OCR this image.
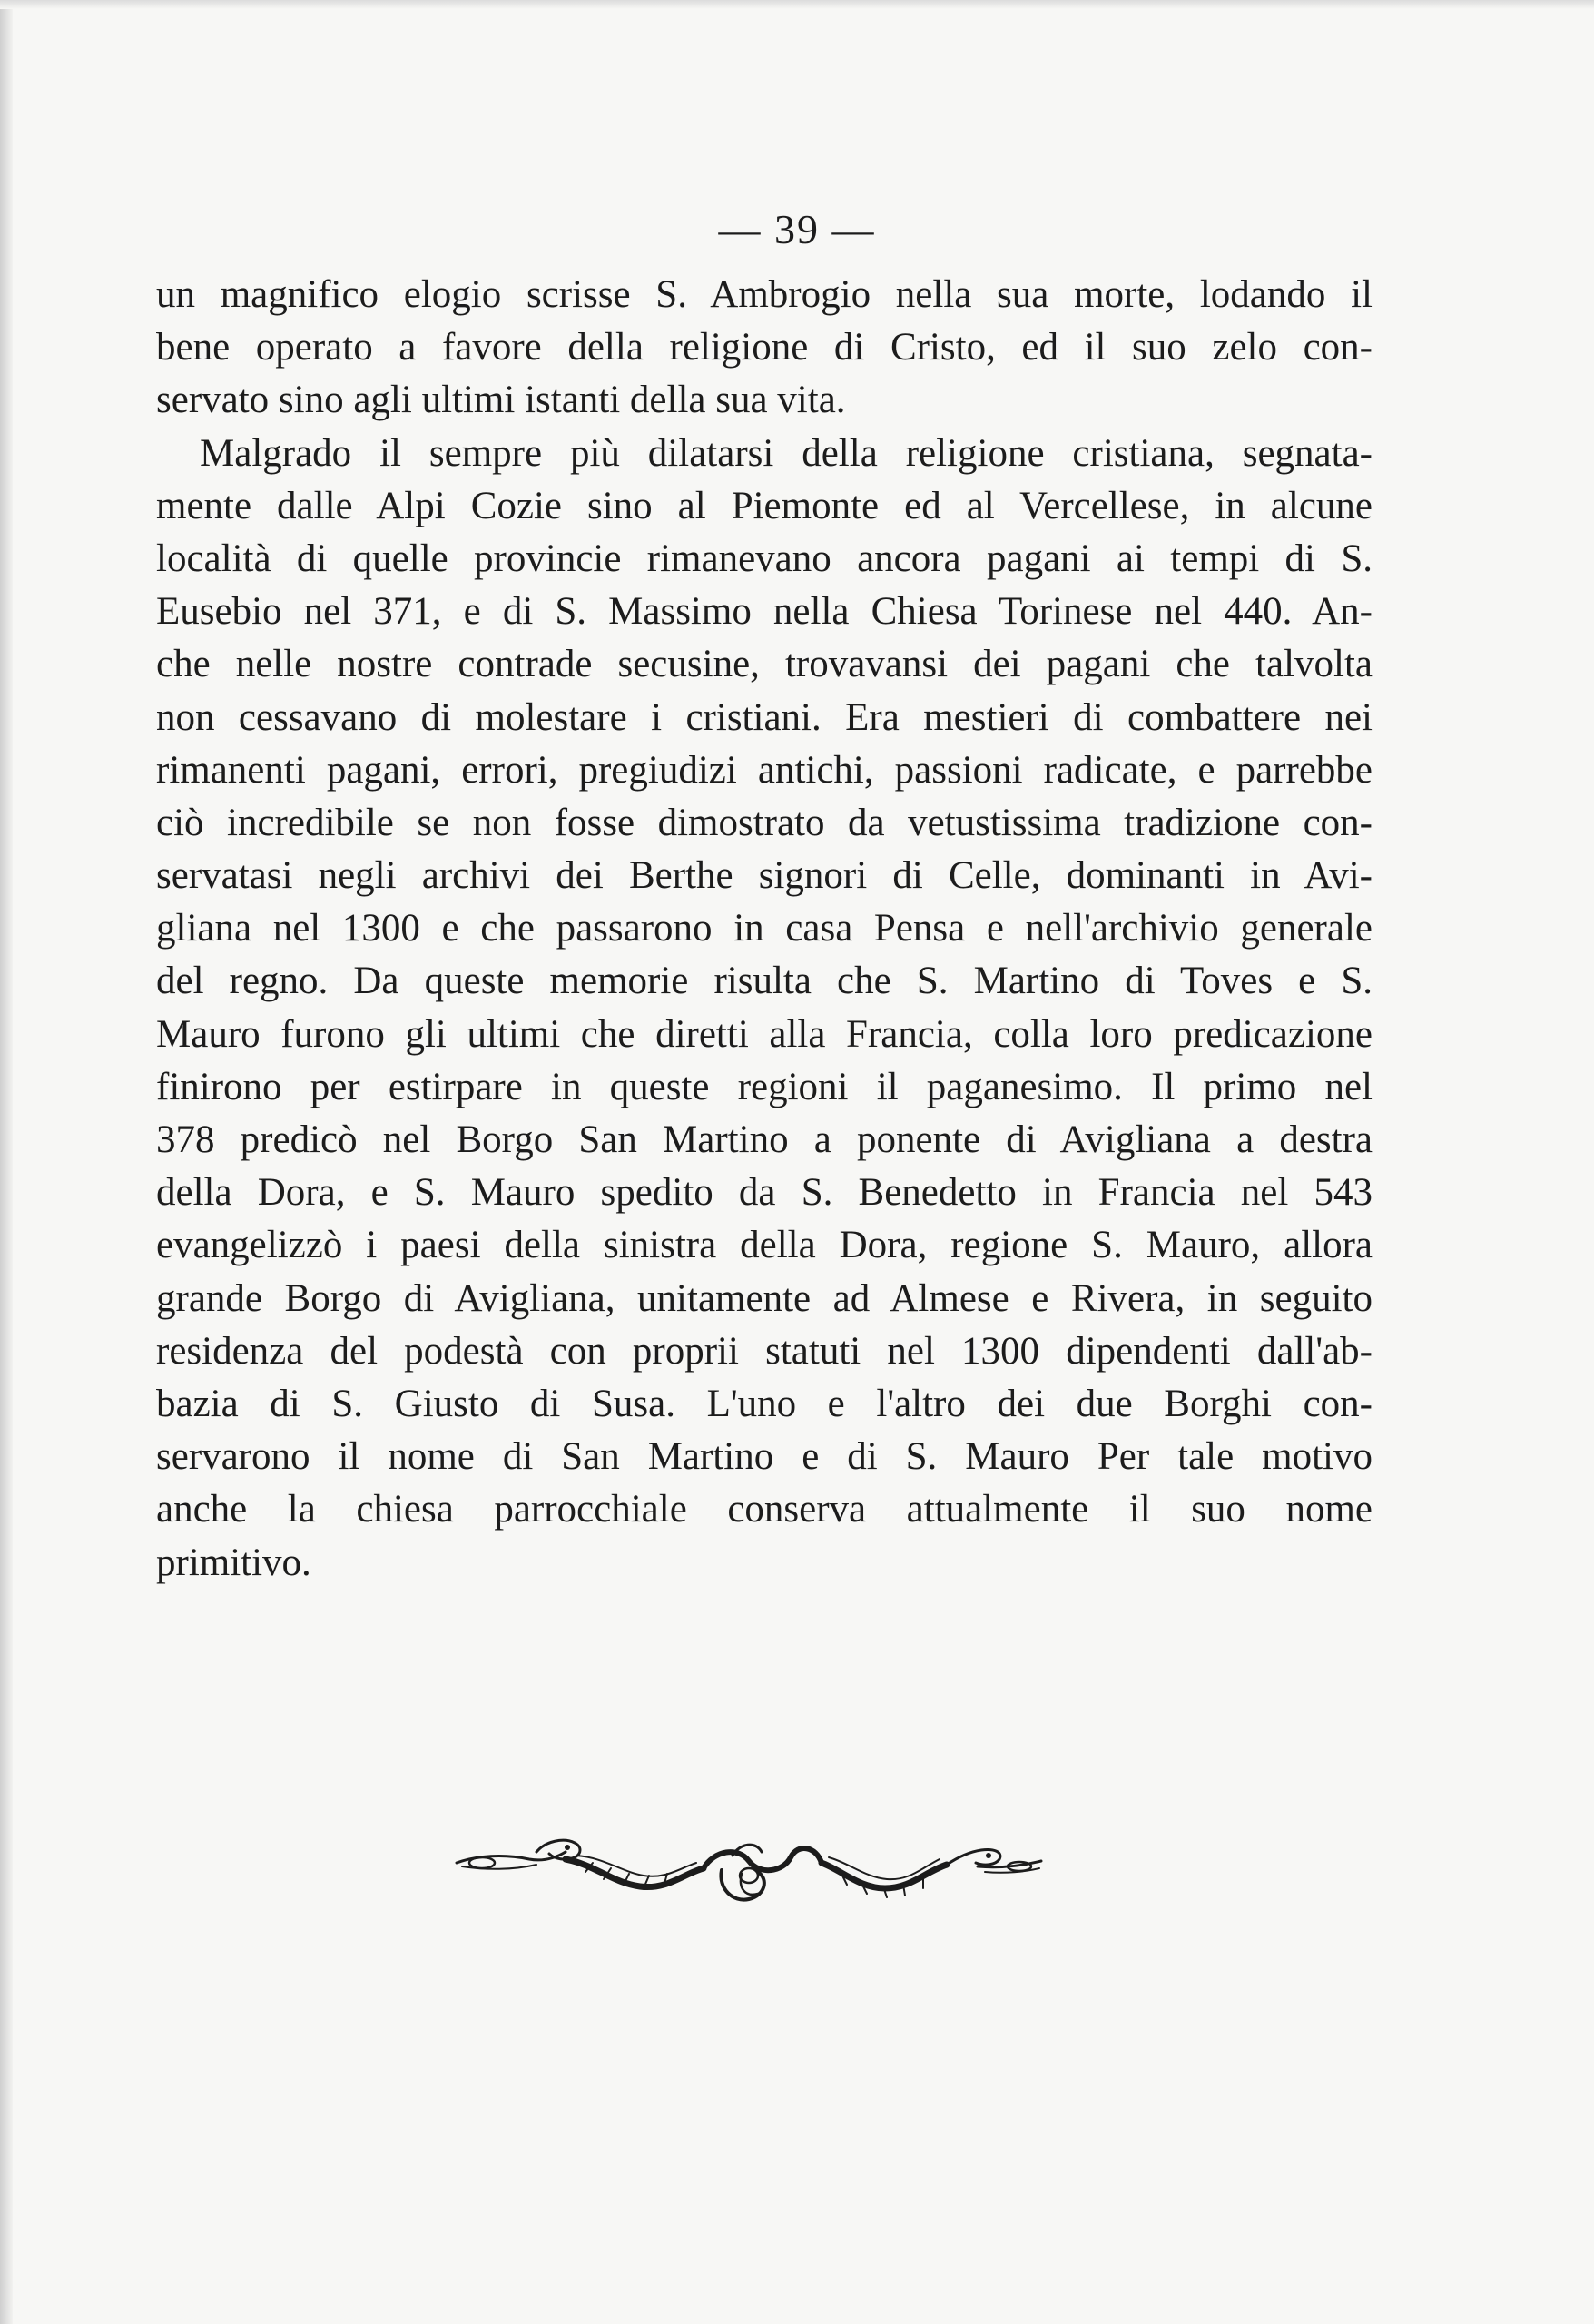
— 39 —
un magnifico elogio scrisse S. Ambrogio nella sua morte, lodando il
bene operato a favore della religione di Cristo, ed il suo zelo con-
servato sino agli ultimi istanti della sua vita.
Malgrado il sempre più dilatarsi della religione cristiana, segnata-
mente dalle Alpi Cozie sino al Piemonte ed al Vercellese, in alcune
località di quelle provincie rimanevano ancora pagani ai tempi di S.
Eusebio nel 371, e di S. Massimo nella Chiesa Torinese nel 440. An-
che nelle nostre contrade secusine, trovavansi dei pagani che talvolta
non cessavano di molestare i cristiani. Era mestieri di combattere nei
rimanenti pagani, errori, pregiudizi antichi, passioni radicate, e parrebbe
ciò incredibile se non fosse dimostrato da vetustissima tradizione con-
servatasi negli archivi dei Berthe signori di Celle, dominanti in Avi-
gliana nel 1300 e che passarono in casa Pensa e nell'archivio generale
del regno. Da queste memorie risulta che S. Martino di Toves e S.
Mauro furono gli ultimi che diretti alla Francia, colla loro predicazione
finirono per estirpare in queste regioni il paganesimo. Il primo nel
378 predicò nel Borgo San Martino a ponente di Avigliana a destra
della Dora, e S. Mauro spedito da S. Benedetto in Francia nel 543
evangelizzò i paesi della sinistra della Dora, regione S. Mauro, allora
grande Borgo di Avigliana, unitamente ad Almese e Rivera, in seguito
residenza del podestà con proprii statuti nel 1300 dipendenti dall'ab-
bazia di S. Giusto di Susa. L'uno e l'altro dei due Borghi con-
servarono il nome di San Martino e di S. Mauro Per tale motivo
anche la chiesa parrocchiale conserva attualmente il suo nome
primitivo.
